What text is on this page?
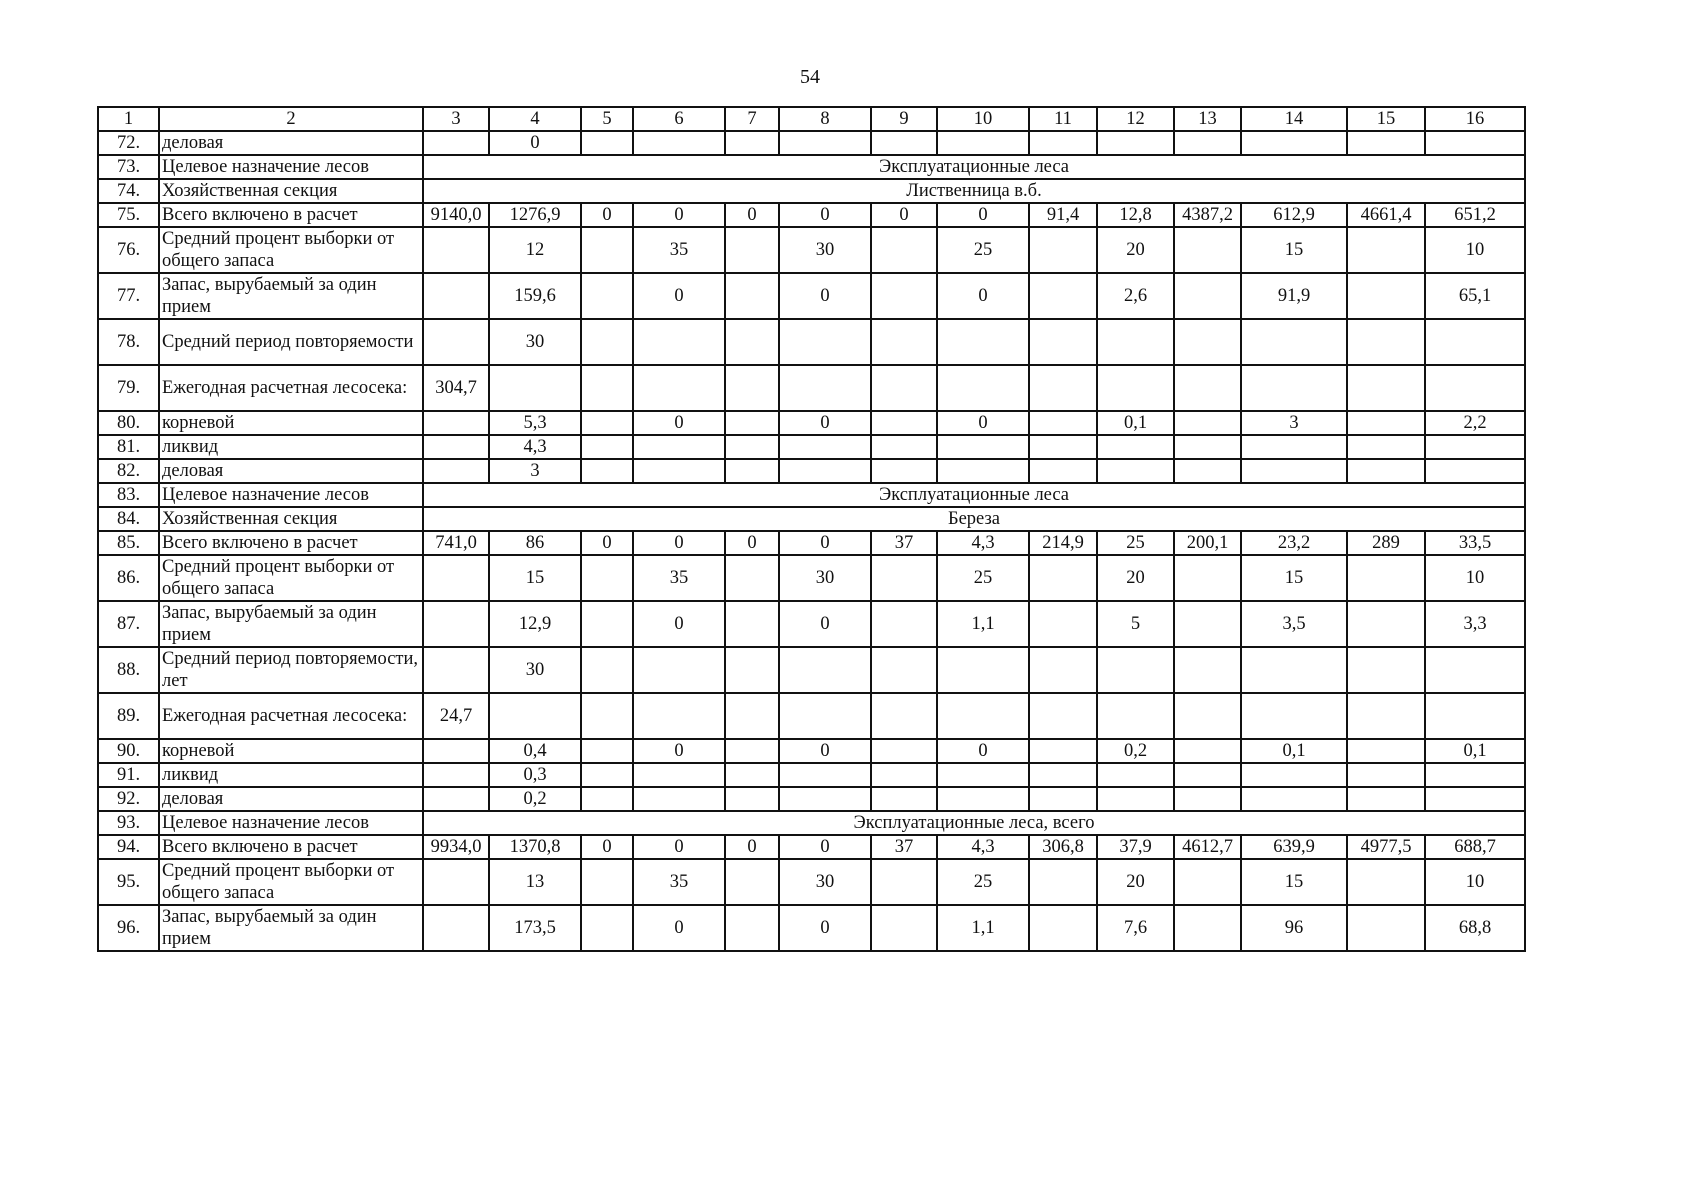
54
1	2	3	4	5	6	7	8	9	10	11	12	13	14	15	16
72.	деловая		0												
73.	Целевое назначение лесов	Эксплуатационные леса													
74.	Хозяйственная секция	Лиственница в.б.													
75.	Всего включено в расчет	9140,0	1276,9	0	0	0	0	0	0	91,4	12,8	4387,2	612,9	4661,4	651,2
76.	Средний процент выборки от общего запаса		12		35		30		25		20		15		10
77.	Запас, вырубаемый за один прием		159,6		0		0		0		2,6		91,9		65,1
78.	Средний период повторяемости		30												
79.	Ежегодная расчетная лесосека:	304,7													
80.	корневой		5,3		0		0		0		0,1		3		2,2
81.	ликвид		4,3												
82.	деловая		3												
83.	Целевое назначение лесов	Эксплуатационные леса													
84.	Хозяйственная секция	Береза													
85.	Всего включено в расчет	741,0	86	0	0	0	0	37	4,3	214,9	25	200,1	23,2	289	33,5
86.	Средний процент выборки от общего запаса		15		35		30		25		20		15		10
87.	Запас, вырубаемый за один прием		12,9		0		0		1,1		5		3,5		3,3
88.	Средний период повторяемости, лет		30												
89.	Ежегодная расчетная лесосека:	24,7													
90.	корневой		0,4		0		0		0		0,2		0,1		0,1
91.	ликвид		0,3												
92.	деловая		0,2												
93.	Целевое назначение лесов	Эксплуатационные леса, всего													
94.	Всего включено в расчет	9934,0	1370,8	0	0	0	0	37	4,3	306,8	37,9	4612,7	639,9	4977,5	688,7
95.	Средний процент выборки от общего запаса		13		35		30		25		20		15		10
96.	Запас, вырубаемый за один прием		173,5		0		0		1,1		7,6		96		68,8
